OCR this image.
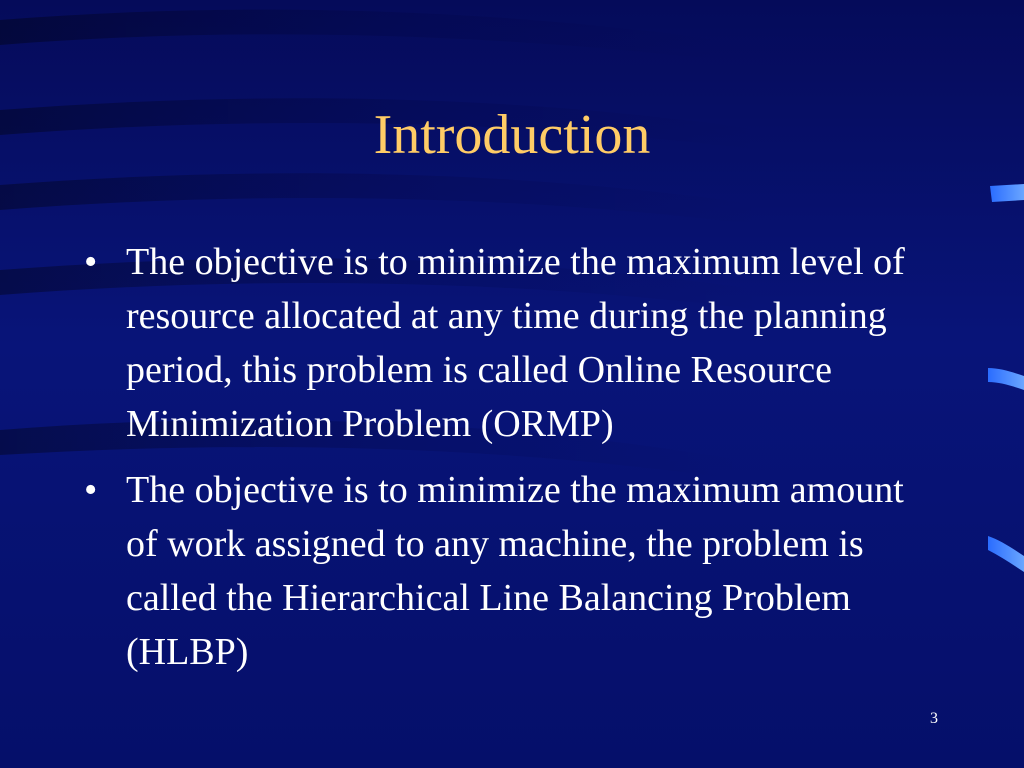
Introduction
• The objective is to minimize the maximum level of resource allocated at any time during the planning period, this problem is called Online Resource Minimization Problem (ORMP)
• The objective is to minimize the maximum amount of work assigned to any machine, the problem is called the Hierarchical Line Balancing Problem (HLBP)
3
